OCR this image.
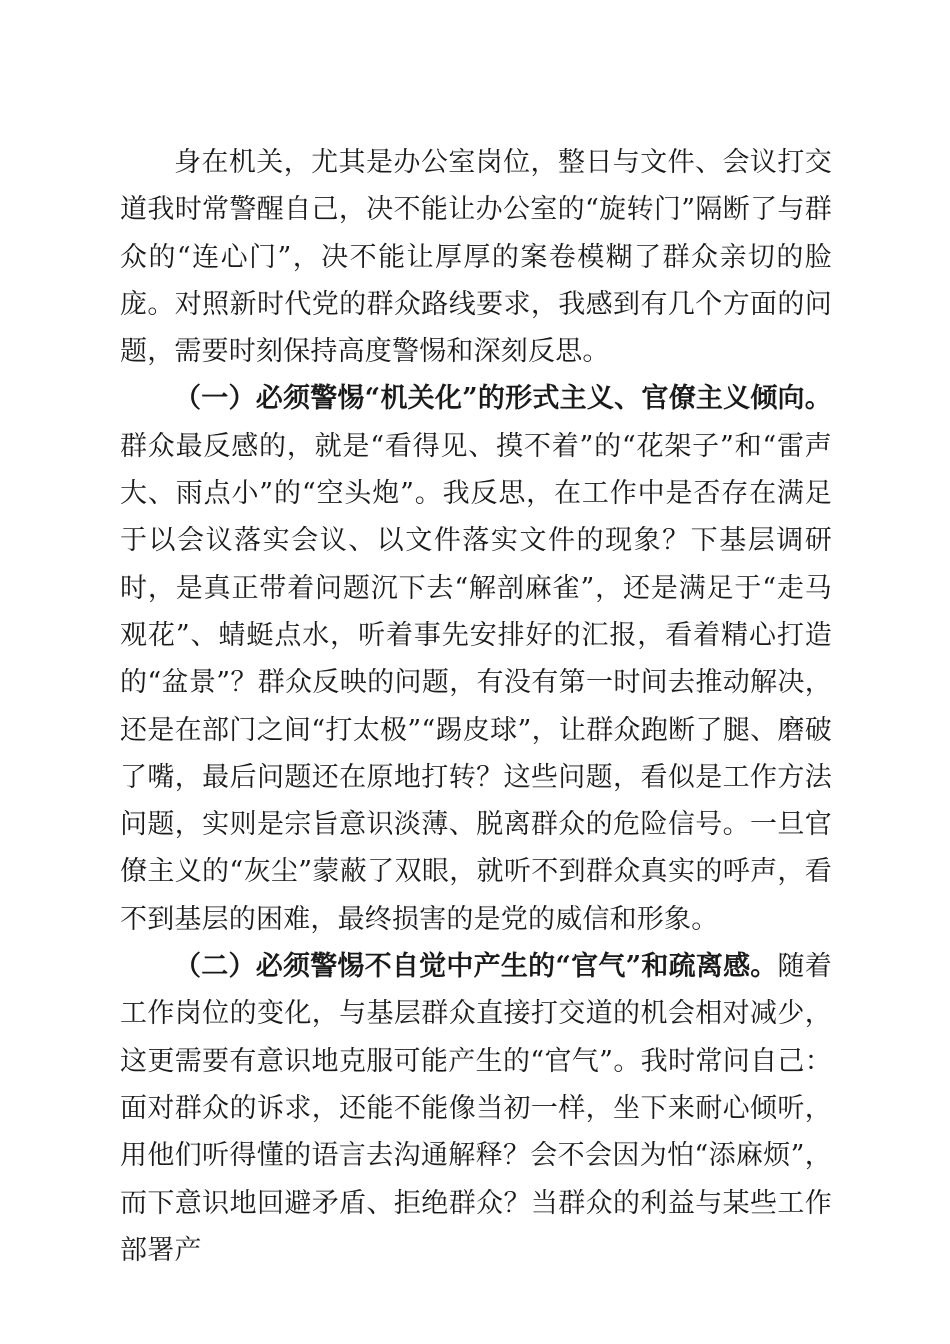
身在机关，尤其是办公室岗位，整日与文件、会议打交道我时常警醒自己，决不能让办公室的“旋转门”隔断了与群众的“连心门”，决不能让厚厚的案卷模糊了群众亲切的脸庞。对照新时代党的群众路线要求，我感到有几个方面的问题，需要时刻保持高度警惕和深刻反思。

（一）必须警惕“机关化”的形式主义、官僚主义倾向。群众最反感的，就是“看得见、摸不着”的“花架子”和“雷声大、雨点小”的“空头炮”。我反思，在工作中是否存在满足于以会议落实会议、以文件落实文件的现象？下基层调研时，是真正带着问题沉下去“解剖麻雀”，还是满足于“走马观花”、蜻蜓点水，听着事先安排好的汇报，看着精心打造的“盆景”？群众反映的问题，有没有第一时间去推动解决，还是在部门之间“打太极”“踢皮球”，让群众跑断了腿、磨破了嘴，最后问题还在原地打转？这些问题，看似是工作方法问题，实则是宗旨意识淡薄、脱离群众的危险信号。一旦官僚主义的“灰尘”蒙蔽了双眼，就听不到群众真实的呼声，看不到基层的困难，最终损害的是党的威信和形象。

（二）必须警惕不自觉中产生的“官气”和疏离感。随着工作岗位的变化，与基层群众直接打交道的机会相对减少，这更需要有意识地克服可能产生的“官气”。我时常问自己：面对群众的诉求，还能不能像当初一样，坐下来耐心倾听，用他们听得懂的语言去沟通解释？会不会因为怕“添麻烦”，而下意识地回避矛盾、拒绝群众？当群众的利益与某些工作部署产
